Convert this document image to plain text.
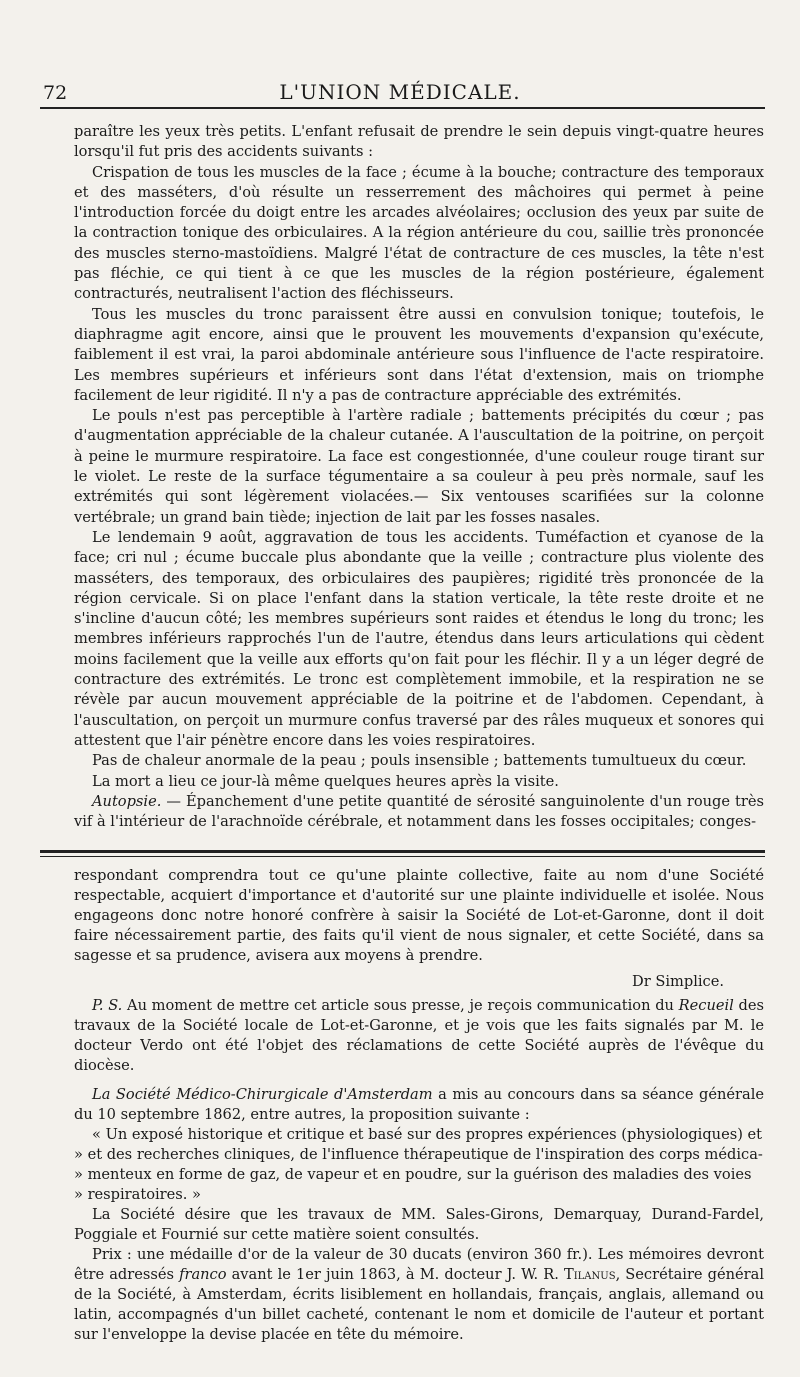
72	L'UNION MÉDICALE.

paraître les yeux très petits. L'enfant refusait de prendre le sein depuis vingt-quatre heures lorsqu'il fut pris des accidents suivants :

Crispation de tous les muscles de la face ; écume à la bouche; contracture des temporaux et des masséters, d'où résulte un resserrement des mâchoires qui permet à peine l'introduction forcée du doigt entre les arcades alvéolaires; occlusion des yeux par suite de la contraction tonique des orbiculaires. A la région antérieure du cou, saillie très prononcée des muscles sterno-mastoïdiens. Malgré l'état de contracture de ces muscles, la tête n'est pas fléchie, ce qui tient à ce que les muscles de la région postérieure, également contracturés, neutralisent l'action des fléchisseurs.

Tous les muscles du tronc paraissent être aussi en convulsion tonique; toutefois, le diaphragme agit encore, ainsi que le prouvent les mouvements d'expansion qu'exécute, faiblement il est vrai, la paroi abdominale antérieure sous l'influence de l'acte respiratoire. Les membres supérieurs et inférieurs sont dans l'état d'extension, mais on triomphe facilement de leur rigidité. Il n'y a pas de contracture appréciable des extrémités.

Le pouls n'est pas perceptible à l'artère radiale ; battements précipités du cœur ; pas d'augmentation appréciable de la chaleur cutanée. A l'auscultation de la poitrine, on perçoit à peine le murmure respiratoire. La face est congestionnée, d'une couleur rouge tirant sur le violet. Le reste de la surface tégumentaire a sa couleur à peu près normale, sauf les extrémités qui sont légèrement violacées.— Six ventouses scarifiées sur la colonne vertébrale; un grand bain tiède; injection de lait par les fosses nasales.

Le lendemain 9 août, aggravation de tous les accidents. Tuméfaction et cyanose de la face; cri nul ; écume buccale plus abondante que la veille ; contracture plus violente des masséters, des temporaux, des orbiculaires des paupières; rigidité très prononcée de la région cervicale. Si on place l'enfant dans la station verticale, la tête reste droite et ne s'incline d'aucun côté; les membres supérieurs sont raides et étendus le long du tronc; les membres inférieurs rapprochés l'un de l'autre, étendus dans leurs articulations qui cèdent moins facilement que la veille aux efforts qu'on fait pour les fléchir. Il y a un léger degré de contracture des extrémités. Le tronc est complètement immobile, et la respiration ne se révèle par aucun mouvement appréciable de la poitrine et de l'abdomen. Cependant, à l'auscultation, on perçoit un murmure confus traversé par des râles muqueux et sonores qui attestent que l'air pénètre encore dans les voies respiratoires.

Pas de chaleur anormale de la peau ; pouls insensible ; battements tumultueux du cœur.

La mort a lieu ce jour-là même quelques heures après la visite.

Autopsie. — Épanchement d'une petite quantité de sérosité sanguinolente d'un rouge très vif à l'intérieur de l'arachnoïde cérébrale, et notamment dans les fosses occipitales; conges-

respondant comprendra tout ce qu'une plainte collective, faite au nom d'une Société respectable, acquiert d'importance et d'autorité sur une plainte individuelle et isolée. Nous engageons donc notre honoré confrère à saisir la Société de Lot-et-Garonne, dont il doit faire nécessairement partie, des faits qu'il vient de nous signaler, et cette Société, dans sa sagesse et sa prudence, avisera aux moyens à prendre.

Dr Simplice.

P. S. Au moment de mettre cet article sous presse, je reçois communication du Recueil des travaux de la Société locale de Lot-et-Garonne, et je vois que les faits signalés par M. le docteur Verdo ont été l'objet des réclamations de cette Société auprès de l'évêque du diocèse.

La Société Médico-Chirurgicale d'Amsterdam a mis au concours dans sa séance générale du 10 septembre 1862, entre autres, la proposition suivante :

« Un exposé historique et critique et basé sur des propres expériences (physiologiques) et

» et des recherches cliniques, de l'influence thérapeutique de l'inspiration des corps médica-

» menteux en forme de gaz, de vapeur et en poudre, sur la guérison des maladies des voies

» respiratoires. »

La Société désire que les travaux de MM. Sales-Girons, Demarquay, Durand-Fardel, Poggiale et Fournié sur cette matière soient consultés.

Prix : une médaille d'or de la valeur de 30 ducats (environ 360 fr.). Les mémoires devront être adressés franco avant le 1er juin 1863, à M. docteur J. W. R. Tilanus, Secrétaire général de la Société, à Amsterdam, écrits lisiblement en hollandais, français, anglais, allemand ou latin, accompagnés d'un billet cacheté, contenant le nom et domicile de l'auteur et portant sur l'enveloppe la devise placée en tête du mémoire.
